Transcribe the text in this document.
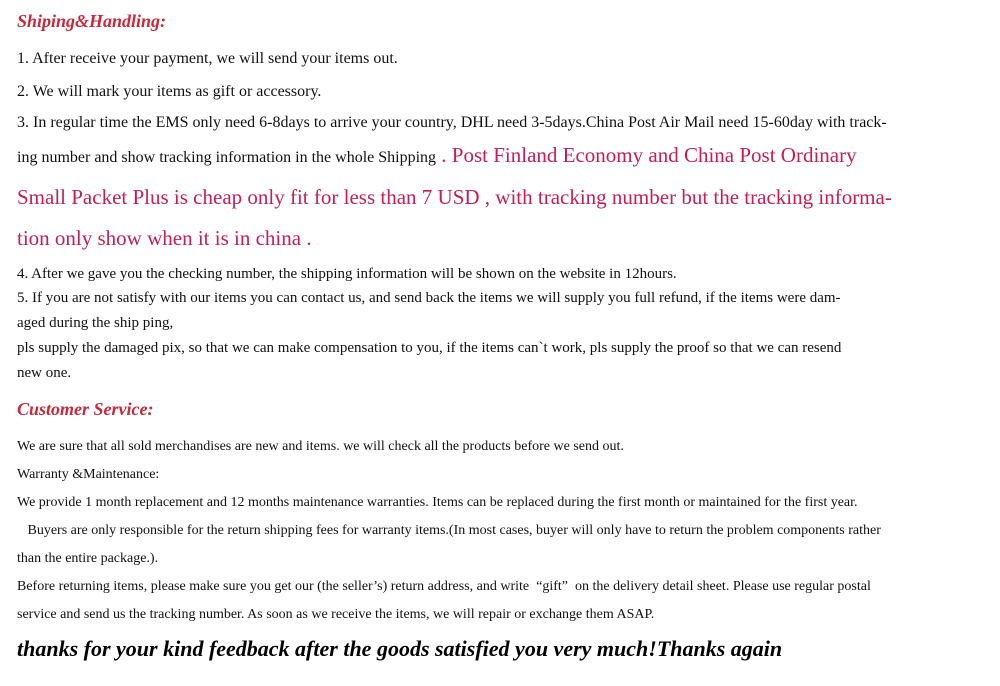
Shiping&Handling:

1. After receive your payment, we will send your items out.

2. We will mark your items as gift or accessory.

3. In regular time the EMS only need 6-8days to arrive your country, DHL need 3-5days.China Post Air Mail need 15-60day with track-

ing number and show tracking information in the whole Shipping . Post Finland Economy and China Post Ordinary

Small Packet Plus is cheap only fit for less than 7 USD , with tracking number but the tracking informa-

tion only show when it is in china .

4. After we gave you the checking number, the shipping information will be shown on the website in 12hours.

5. If you are not satisfy with our items you can contact us, and send back the items we will supply you full refund, if the items were dam-

aged during the ship ping,

pls supply the damaged pix, so that we can make compensation to you, if the items can`t work, pls supply the proof so that we can resend

new one.

Customer Service:

We are sure that all sold merchandises are new and items. we will check all the products before we send out.

Warranty &Maintenance:

We provide 1 month replacement and 12 months maintenance warranties. Items can be replaced during the first month or maintained for the first year.

Buyers are only responsible for the return shipping fees for warranty items.(In most cases, buyer will only have to return the problem components rather

than the entire package.).

Before returning items, please make sure you get our (the seller’s) return address, and write  “gift”  on the delivery detail sheet. Please use regular postal

service and send us the tracking number. As soon as we receive the items, we will repair or exchange them ASAP.

thanks for your kind feedback after the goods satisfied you very much!Thanks again
